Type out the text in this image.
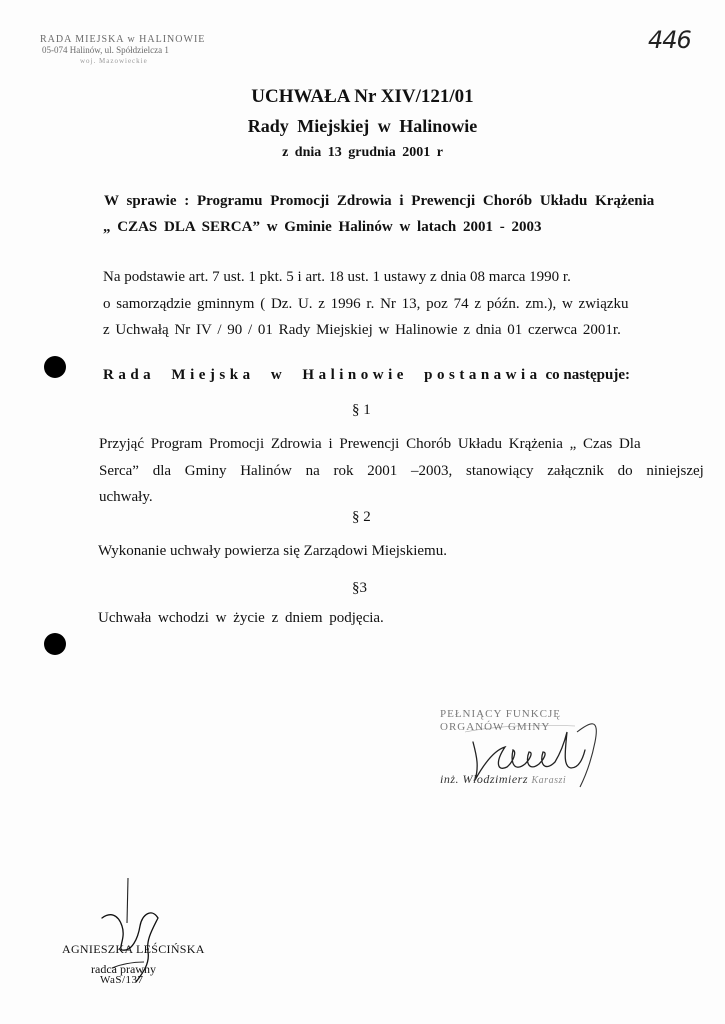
RADA MIEJSKA w HALINOWIE
05-074 Halinów, ul. Spółdzielcza 1
woj. Mazowieckie
446
UCHWAŁA Nr XIV/121/01
Rady Miejskiej w Halinowie
z dnia 13 grudnia 2001 r
W sprawie : Programu Promocji Zdrowia i Prewencji Chorób Układu Krążenia
„ CZAS DLA SERCA” w Gminie Halinów w latach 2001 - 2003
Na podstawie art. 7 ust. 1 pkt. 5 i art. 18 ust. 1 ustawy z dnia 08 marca 1990 r.
o samorządzie gminnym ( Dz. U. z 1996 r. Nr 13, poz 74 z późn. zm.), w związku
z Uchwałą Nr IV / 90 / 01 Rady Miejskiej w Halinowie z dnia 01 czerwca 2001r.
Rada Miejska w Halinowie postanawia co następuje:
§ 1
Przyjąć Program Promocji Zdrowia i Prewencji Chorób Układu Krążenia „ Czas Dla
Serca” dla Gminy Halinów na rok 2001 –2003, stanowiący załącznik do niniejszej
uchwały.
§ 2
Wykonanie uchwały powierza się Zarządowi Miejskiemu.
§3
Uchwała wchodzi w życie z dniem podjęcia.
PEŁNIĄCY FUNKCJĘ
ORGANÓW GMINY
inż. Włodzimierz Karaszi
AGNIESZKA LEŚCIŃSKA
radca prawny
WaS/137
